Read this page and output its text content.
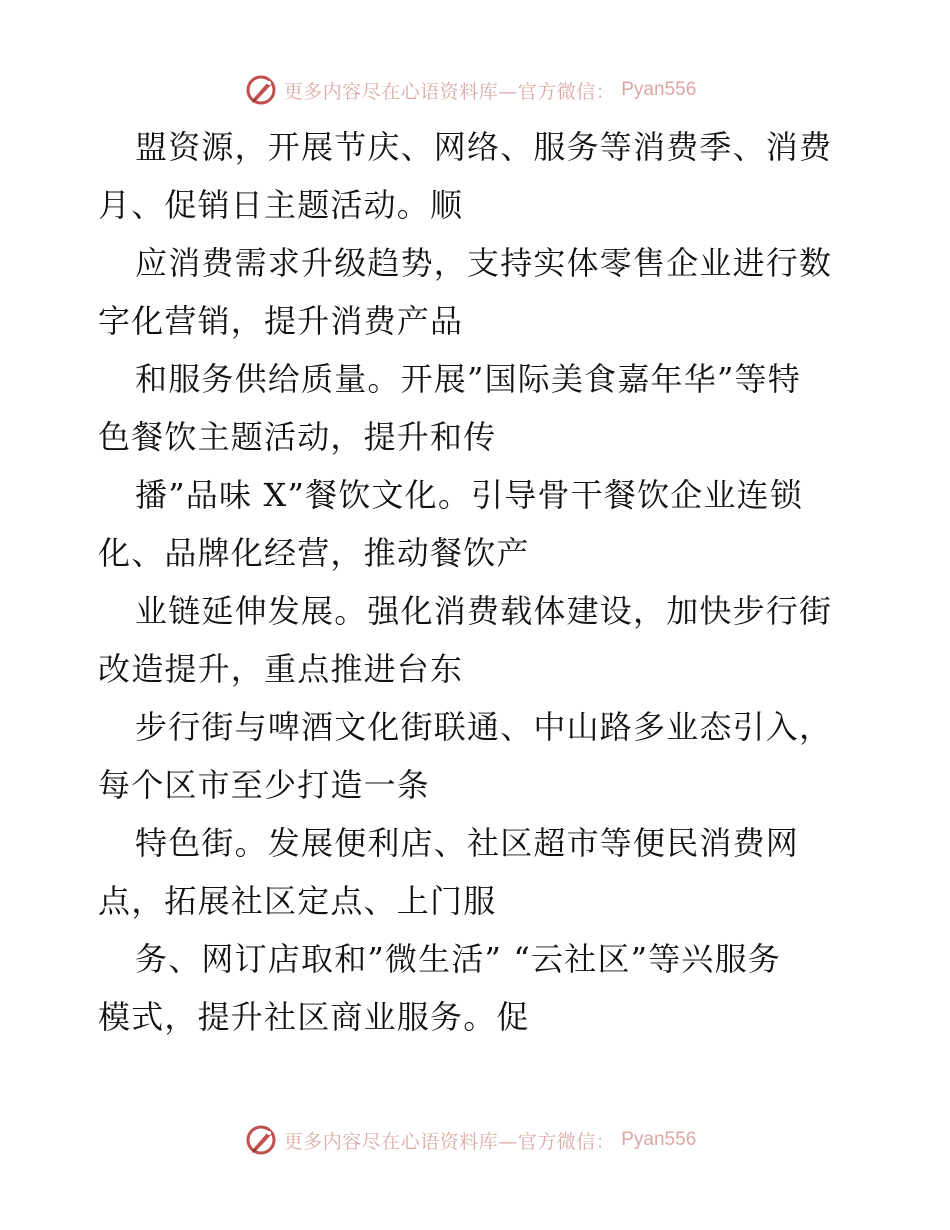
更多内容尽在心语资料库—官方微信： Pyan556
盟资源，开展节庆、网络、服务等消费季、消费
月、促销日主题活动。顺
应消费需求升级趋势，支持实体零售企业进行数
字化营销，提升消费产品
和服务供给质量。开展”国际美食嘉年华”等特
色餐饮主题活动，提升和传
播”品味 X”餐饮文化。引导骨干餐饮企业连锁
化、品牌化经营，推动餐饮产
业链延伸发展。强化消费载体建设，加快步行街
改造提升，重点推进台东
步行街与啤酒文化街联通、中山路多业态引入，
每个区市至少打造一条
特色街。发展便利店、社区超市等便民消费网
点，拓展社区定点、上门服
务、网订店取和”微生活” “云社区”等兴服务
模式，提升社区商业服务。促
更多内容尽在心语资料库—官方微信： Pyan556
